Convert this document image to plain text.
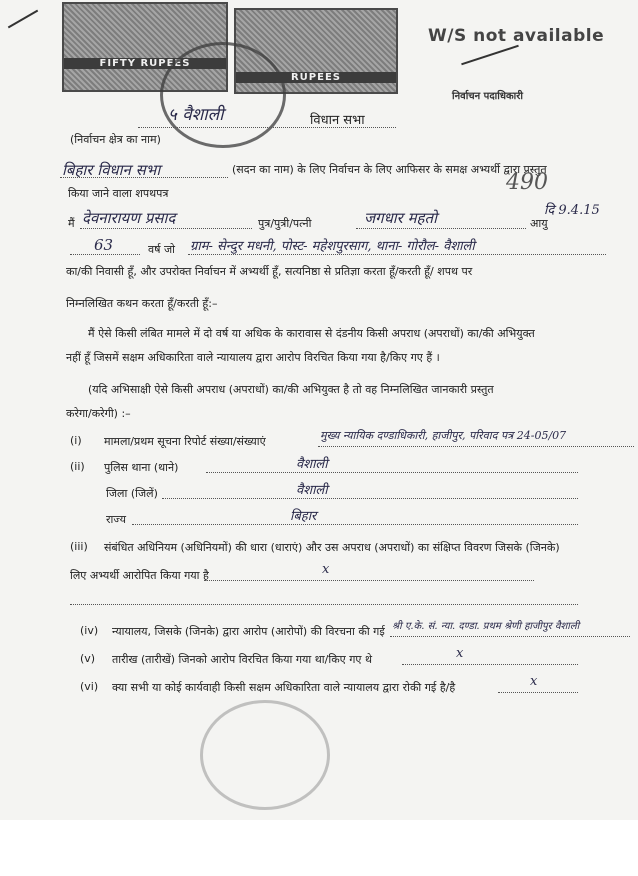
FIFTY RUPEES
RUPEES
W/S not available
निर्वाचन पदाधिकारी
५ वैशाली	विधान सभा
(निर्वाचन क्षेत्र का नाम)
बिहार विधान सभा	(सदन का नाम) के लिए निर्वाचन के लिए आफिसर के समक्ष अभ्यर्थी द्वारा प्रस्तुत
किया जाने वाला शपथपत्र	490
दि 9.4.15
मैं देवनारायण प्रसाद	पुत्र/पुत्री/पत्नी	जगधार महतो	आयु
63	वर्ष जो ग्राम- सेन्दुर मधनी, पोस्ट- महेशपुरसाग, थाना- गोरौल- वैशाली
का/की निवासी हूँ, और उपरोक्त निर्वाचन में अभ्यर्थी हूँ, सत्यनिष्ठा से प्रतिज्ञा करता हूँ/करती हूँ/ शपथ पर
निम्नलिखित कथन करता हूँ/करती हूँ:–
मैं ऐसे किसी लंबित मामले में दो वर्ष या अधिक के कारावास से दंडनीय किसी अपराध (अपराधों) का/की अभियुक्त
नहीं हूँ जिसमें सक्षम अधिकारिता वाले न्यायालय द्वारा आरोप विरचित किया गया है/किए गए हैं ।
(यदि अभिसाक्षी ऐसे किसी अपराध (अपराधों) का/की अभियुक्त है तो वह निम्नलिखित जानकारी प्रस्तुत
करेगा/करेगी) :–
(i) मामला/प्रथम सूचना रिपोर्ट संख्या/संख्याएं	मुख्य न्यायिक दण्डाधिकारी, हाजीपुर, परिवाद पत्र 24-05/07
(ii) पुलिस थाना (थाने)	वैशाली
जिला (जिलें)	वैशाली
राज्य	बिहार
(iii) संबंधित अधिनियम (अधिनियमों) की धारा (धाराएं) और उस अपराध (अपराधों) का संक्षिप्त विवरण जिसके (जिनके)
लिए अभ्यर्थी आरोपित किया गया है	x
(iv) न्यायालय, जिसके (जिनके) द्वारा आरोप (आरोपों) की विरचना की गई श्री ए.के. सं. न्या. दण्डा. प्रथम श्रेणी हाजीपुर वैशाली
(v) तारीख (तारीखें) जिनको आरोप विरचित किया गया था/किए गए थे	x
(vi) क्या सभी या कोई कार्यवाही किसी सक्षम अधिकारिता वाले न्यायालय द्वारा रोकी गई है/है	x
